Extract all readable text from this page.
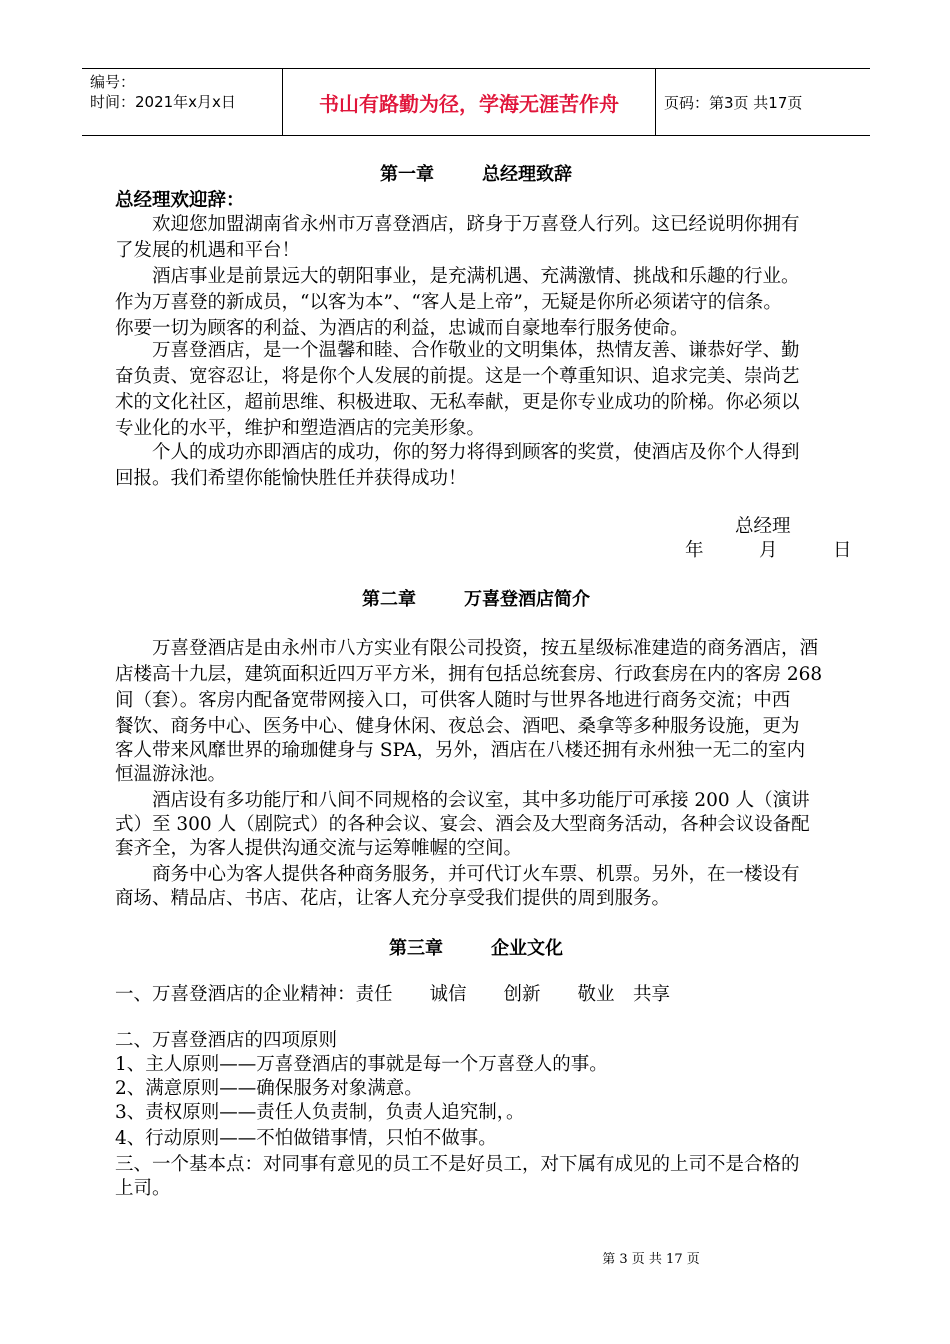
编号：
时间：2021年x月x日	书山有路勤为径，学海无涯苦作舟	页码：第3页 共17页
第一章	总经理致辞
总经理欢迎辞：
　　欢迎您加盟湖南省永州市万喜登酒店，跻身于万喜登人行列。这已经说明你拥有
了发展的机遇和平台！
　　酒店事业是前景远大的朝阳事业，是充满机遇、充满激情、挑战和乐趣的行业。
作为万喜登的新成员，“以客为本”、“客人是上帝”，无疑是你所必须诺守的信条。
你要一切为顾客的利益、为酒店的利益，忠诚而自豪地奉行服务使命。
　　万喜登酒店，是一个温馨和睦、合作敬业的文明集体，热情友善、谦恭好学、勤
奋负责、宽容忍让，将是你个人发展的前提。这是一个尊重知识、追求完美、崇尚艺
术的文化社区，超前思维、积极进取、无私奉献，更是你专业成功的阶梯。你必须以
专业化的水平，维护和塑造酒店的完美形象。
　　个人的成功亦即酒店的成功，你的努力将得到顾客的奖赏，使酒店及你个人得到
回报。我们希望你能愉快胜任并获得成功！
总经理
年　　　月　　　日
第二章	万喜登酒店简介
　　万喜登酒店是由永州市八方实业有限公司投资，按五星级标准建造的商务酒店，酒
店楼高十九层，建筑面积近四万平方米，拥有包括总统套房、行政套房在内的客房 268
间（套）。客房内配备宽带网接入口，可供客人随时与世界各地进行商务交流；中西
餐饮、商务中心、医务中心、健身休闲、夜总会、酒吧、桑拿等多种服务设施，更为
客人带来风靡世界的瑜珈健身与 SPA，另外，酒店在八楼还拥有永州独一无二的室内
恒温游泳池。
　　酒店设有多功能厅和八间不同规格的会议室，其中多功能厅可承接 200 人（演讲
式）至 300 人（剧院式）的各种会议、宴会、酒会及大型商务活动，各种会议设备配
套齐全，为客人提供沟通交流与运筹帷幄的空间。
　　商务中心为客人提供各种商务服务，并可代订火车票、机票。另外，在一楼设有
商场、精品店、书店、花店，让客人充分享受我们提供的周到服务。
第三章	企业文化
一、万喜登酒店的企业精神：责任　　诚信　　创新　　敬业　共享
二、万喜登酒店的四项原则
1、主人原则——万喜登酒店的事就是每一个万喜登人的事。
2、满意原则——确保服务对象满意。
3、责权原则——责任人负责制，负责人追究制，。
4、行动原则——不怕做错事情，只怕不做事。
三、一个基本点：对同事有意见的员工不是好员工，对下属有成见的上司不是合格的
上司。
第 3 页 共 17 页
